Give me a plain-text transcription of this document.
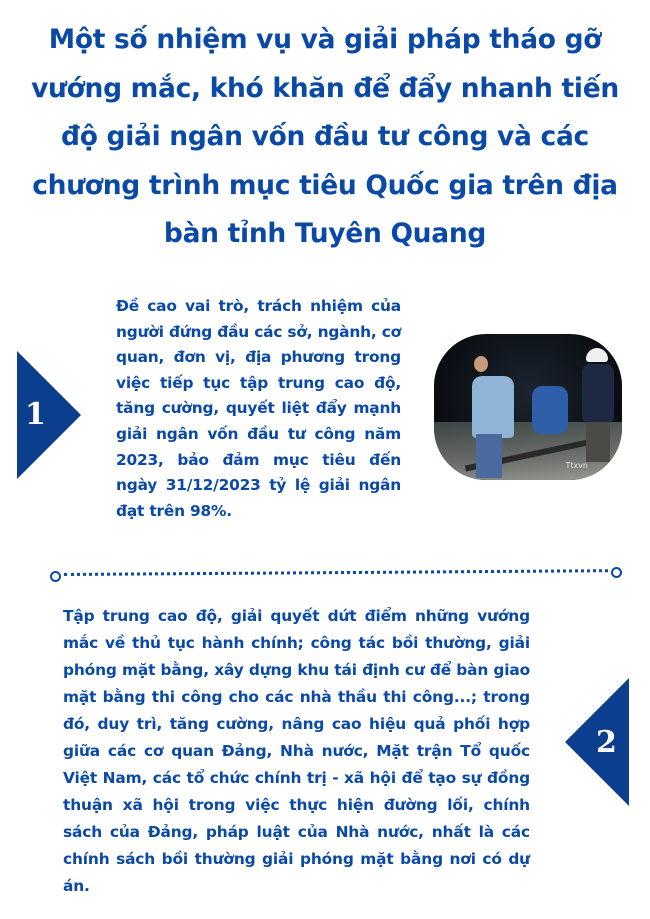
Một số nhiệm vụ và giải pháp tháo gỡ vướng mắc, khó khăn để đẩy nhanh tiến độ giải ngân vốn đầu tư công và các chương trình mục tiêu Quốc gia trên địa bàn tỉnh Tuyên Quang
1
Đề cao vai trò, trách nhiệm của người đứng đầu các sở, ngành, cơ quan, đơn vị, địa phương trong việc tiếp tục tập trung cao độ, tăng cường, quyết liệt đẩy mạnh giải ngân vốn đầu tư công năm 2023, bảo đảm mục tiêu đến ngày 31/12/2023 tỷ lệ giải ngân đạt trên 98%.
Ttxvn
Tập trung cao độ, giải quyết dứt điểm những vướng mắc về thủ tục hành chính; công tác bồi thường, giải phóng mặt bằng, xây dựng khu tái định cư để bàn giao mặt bằng thi công cho các nhà thầu thi công...; trong đó, duy trì, tăng cường, nâng cao hiệu quả phối hợp giữa các cơ quan Đảng, Nhà nước, Mặt trận Tổ quốc Việt Nam, các tổ chức chính trị - xã hội để tạo sự đồng thuận xã hội trong việc thực hiện đường lối, chính sách của Đảng, pháp luật của Nhà nước, nhất là các chính sách bồi thường giải phóng mặt bằng nơi có dự án.
2
